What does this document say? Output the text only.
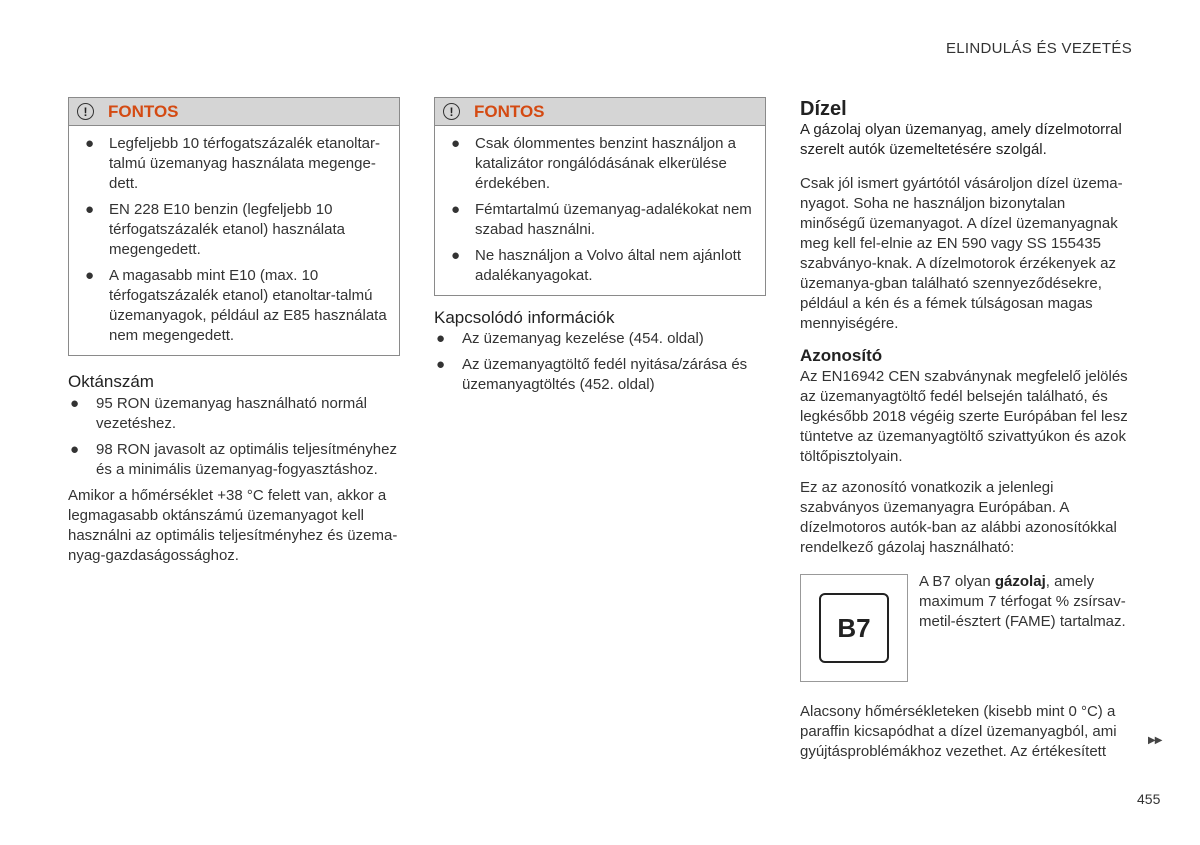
ELINDULÁS ÉS VEZETÉS
!	FONTOS
● Legfeljebb 10 térfogatszázalék etanoltar-talmú üzemanyag használata megenge-dett.
● EN 228 E10 benzin (legfeljebb 10 térfogatszázalék etanol) használata megengedett.
● A magasabb mint E10 (max. 10 térfogatszázalék etanol) etanoltar-talmú üzemanyagok, például az E85 használata nem megengedett.
Oktánszám
● 95 RON üzemanyag használható normál vezetéshez.
● 98 RON javasolt az optimális teljesítményhez és a minimális üzemanyag-fogyasztáshoz.

Amikor a hőmérséklet +38 °C felett van, akkor a legmagasabb oktánszámú üzemanyagot kell használni az optimális teljesítményhez és üzema-nyag-gazdaságossághoz.

!	FONTOS
● Csak ólommentes benzint használjon a katalizátor rongálódásának elkerülése érdekében.
● Fémtartalmú üzemanyag-adalékokat nem szabad használni.
● Ne használjon a Volvo által nem ajánlott adalékanyagokat.
Kapcsolódó információk
● Az üzemanyag kezelése (454. oldal)
● Az üzemanyagtöltő fedél nyitása/zárása és üzemanyagtöltés (452. oldal)
Dízel

A gázolaj olyan üzemanyag, amely dízelmotorral szerelt autók üzemeltetésére szolgál.

Csak jól ismert gyártótól vásároljon dízel üzema-nyagot. Soha ne használjon bizonytalan minőségű üzemanyagot. A dízel üzemanyagnak meg kell fel-elnie az EN 590 vagy SS 155435 szabványo-knak. A dízelmotorok érzékenyek az üzemanya-gban található szennyeződésekre, például a kén és a fémek túlságosan magas mennyiségére.

Azonosító

Az EN16942 CEN szabványnak megfelelő jelölés az üzemanyagtöltő fedél belsején található, és legkésőbb 2018 végéig szerte Európában fel lesz tüntetve az üzemanyagtöltő szivattyúkon és azok töltőpisztolyain.

Ez az azonosító vonatkozik a jelenlegi szabványos üzemanyagra Európában. A dízelmotoros autók-ban az alábbi azonosítókkal rendelkező gázolaj használható:

B7
A B7 olyan gázolaj, amely maximum 7 térfogat % zsírsav-metil-észtert (FAME) tartalmaz.

Alacsony hőmérsékleteken (kisebb mint 0 °C) a paraffin kicsapódhat a dízel üzemanyagból, ami gyújtásproblémákhoz vezethet. Az értékesített

▶▶
455
